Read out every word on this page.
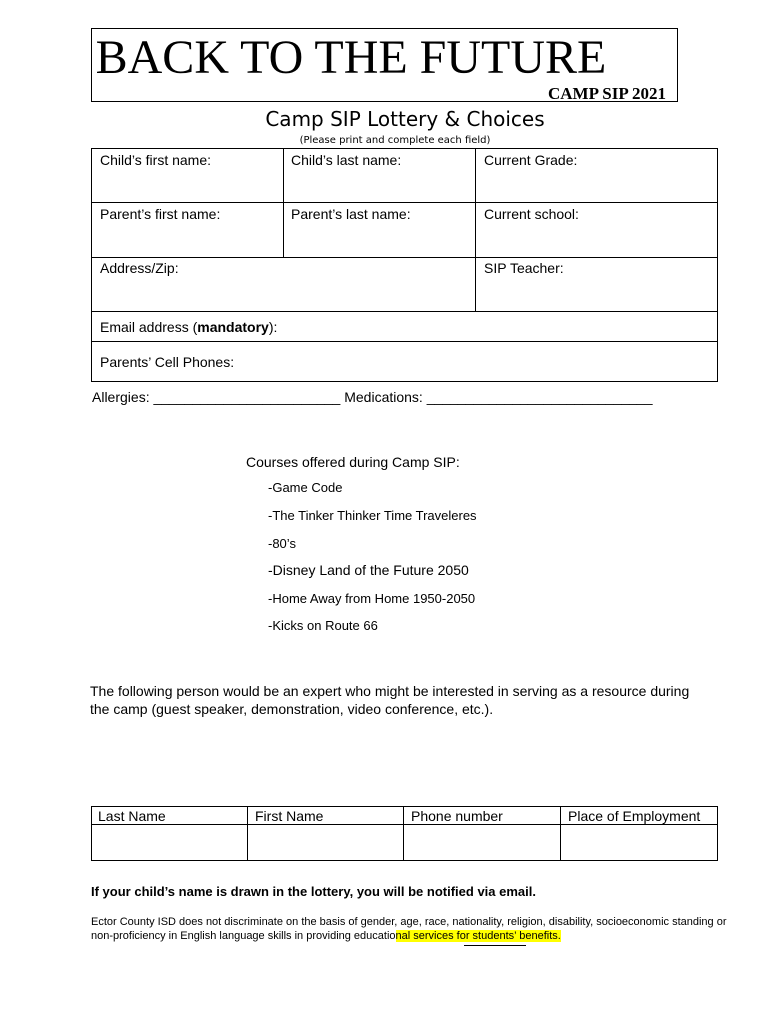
BACK TO THE FUTURE
CAMP SIP 2021
Camp SIP Lottery & Choices
(Please print and complete each field)
Child’s first name:	Child’s last name:	Current Grade:
Parent’s first name:	Parent’s last name:	Current school:
Address/Zip:	SIP Teacher:
Email address (mandatory):
Parents’ Cell Phones:
Allergies: ________________________ Medications: _____________________________
Courses offered during Camp SIP:
-Game Code
-The Tinker Thinker Time Traveleres
-80’s
-Disney Land of the Future 2050
-Home Away from Home 1950-2050
-Kicks on Route 66
The following person would be an expert who might be interested in serving as a resource during the camp (guest speaker, demonstration, video conference, etc.).
Last Name	First Name	Phone number	Place of Employment
If your child’s name is drawn in the lottery, you will be notified via email.
Ector County ISD does not discriminate on the basis of gender, age, race, nationality, religion, disability, socioeconomic standing or non-proficiency in English language skills in providing educational services for students’ benefits.
